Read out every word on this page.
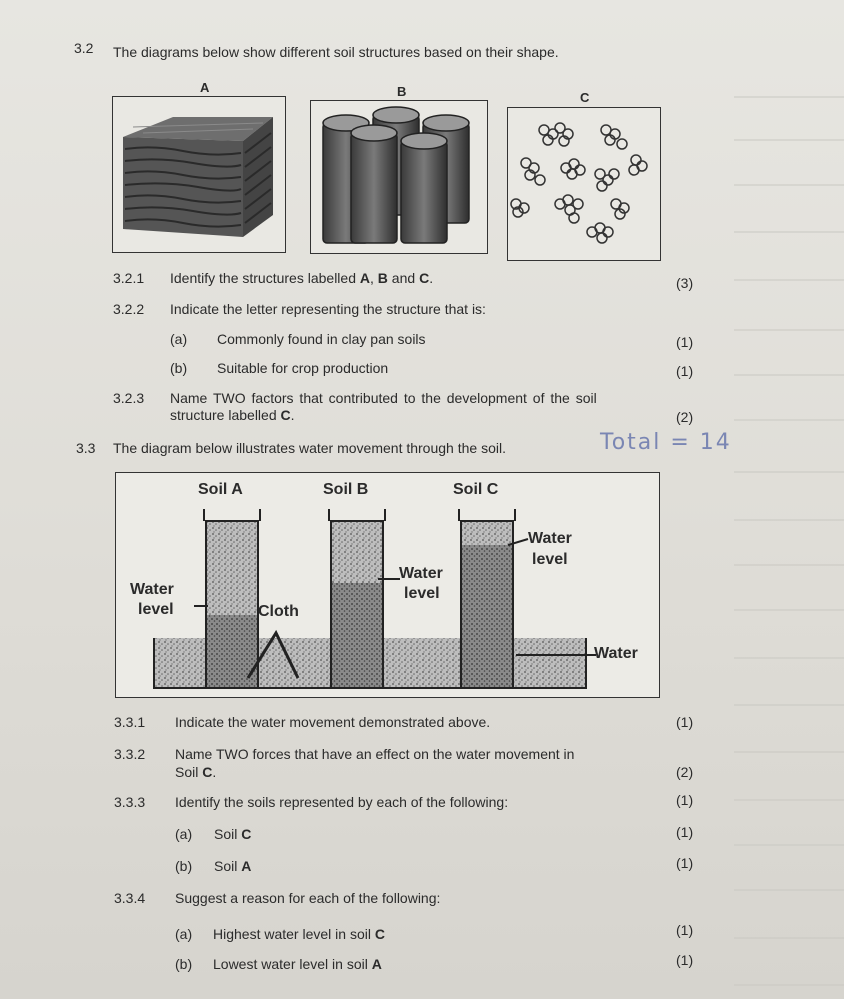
3.2 The diagrams below show different soil structures based on their shape.
A	B	C
3.2.1 Identify the structures labelled A, B and C.	(3)
3.2.2 Indicate the letter representing the structure that is:
(a) Commonly found in clay pan soils	(1)
(b) Suitable for crop production	(1)
3.2.3 Name TWO factors that contributed to the development of the soil
structure labelled C.	(2)
3.3 The diagram below illustrates water movement through the soil.	Total = 14
Soil A	Soil B	Soil C
Water
level	Cloth
Water
level
Water
level
Water
3.3.1 Indicate the water movement demonstrated above.	(1)
3.3.2 Name TWO forces that have an effect on the water movement in
Soil C.	(2)
3.3.3 Identify the soils represented by each of the following:	(1)
(a) Soil C	(1)
(b) Soil A	(1)
3.3.4 Suggest a reason for each of the following:
(a) Highest water level in soil C	(1)
(b) Lowest water level in soil A	(1)
